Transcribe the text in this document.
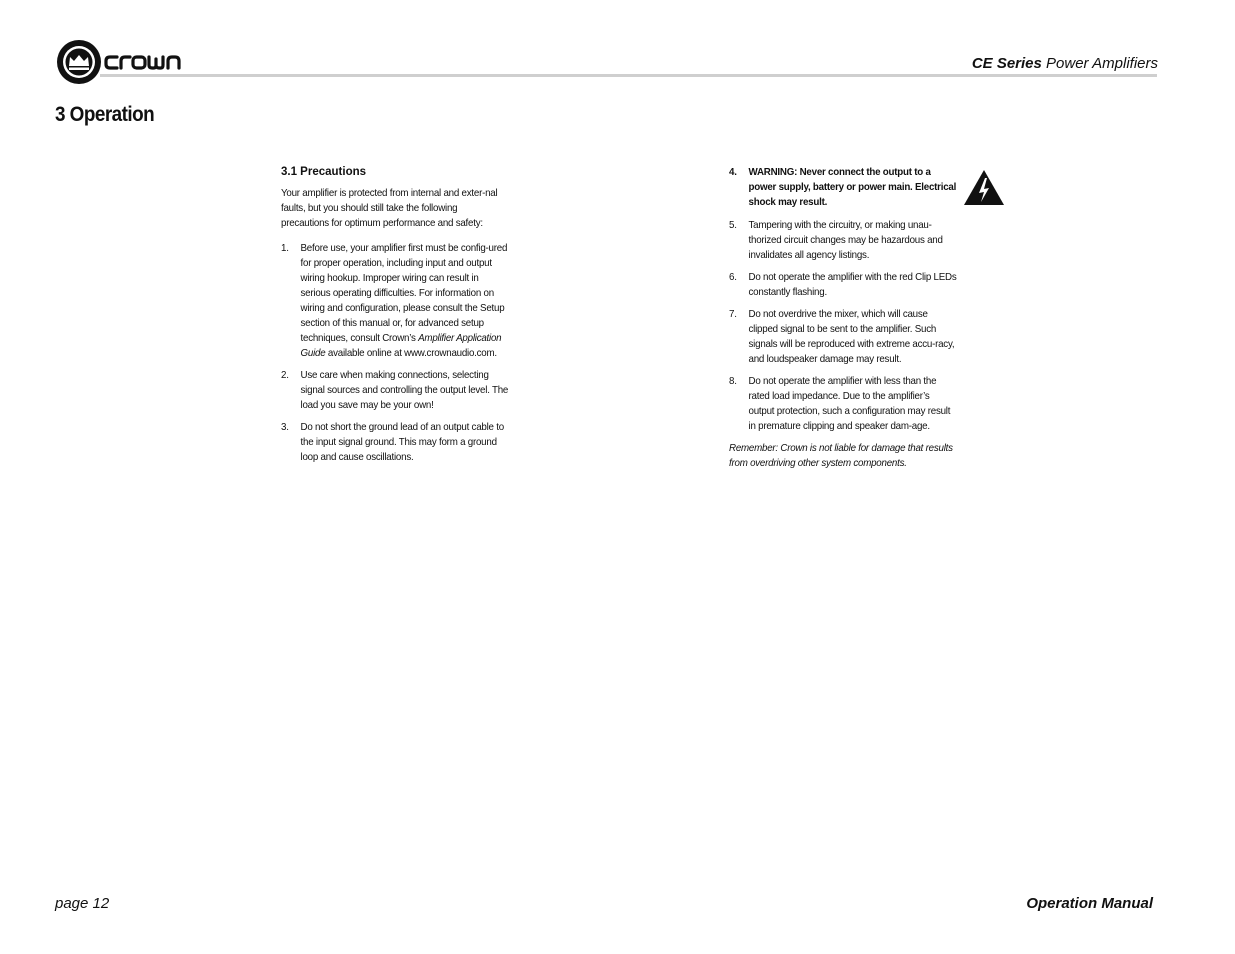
CE Series Power Amplifiers
3 Operation
3.1 Precautions
Your amplifier is protected from internal and exter-nal faults, but you should still take the following precautions for optimum performance and safety:
1.	Before use, your amplifier first must be config-ured for proper operation, including input and output wiring hookup. Improper wiring can result in serious operating difficulties. For information on wiring and configuration, please consult the Setup section of this manual or, for advanced setup techniques, consult Crown’s Amplifier Application Guide available online at www.crownaudio.com.
2.	Use care when making connections, selecting signal sources and controlling the output level. The load you save may be your own!
3.	Do not short the ground lead of an output cable to the input signal ground. This may form a ground loop and cause oscillations.
4.	WARNING: Never connect the output to a power supply, battery or power main. Electrical shock may result.
5.	Tampering with the circuitry, or making unau-thorized circuit changes may be hazardous and invalidates all agency listings.
6.	Do not operate the amplifier with the red Clip LEDs constantly flashing.
7.	Do not overdrive the mixer, which will cause clipped signal to be sent to the amplifier. Such signals will be reproduced with extreme accu-racy, and loudspeaker damage may result.
8.	Do not operate the amplifier with less than the rated load impedance. Due to the amplifier’s output protection, such a configuration may result in premature clipping and speaker dam-age.
Remember: Crown is not liable for damage that results from overdriving other system components.
page 12	Operation Manual
